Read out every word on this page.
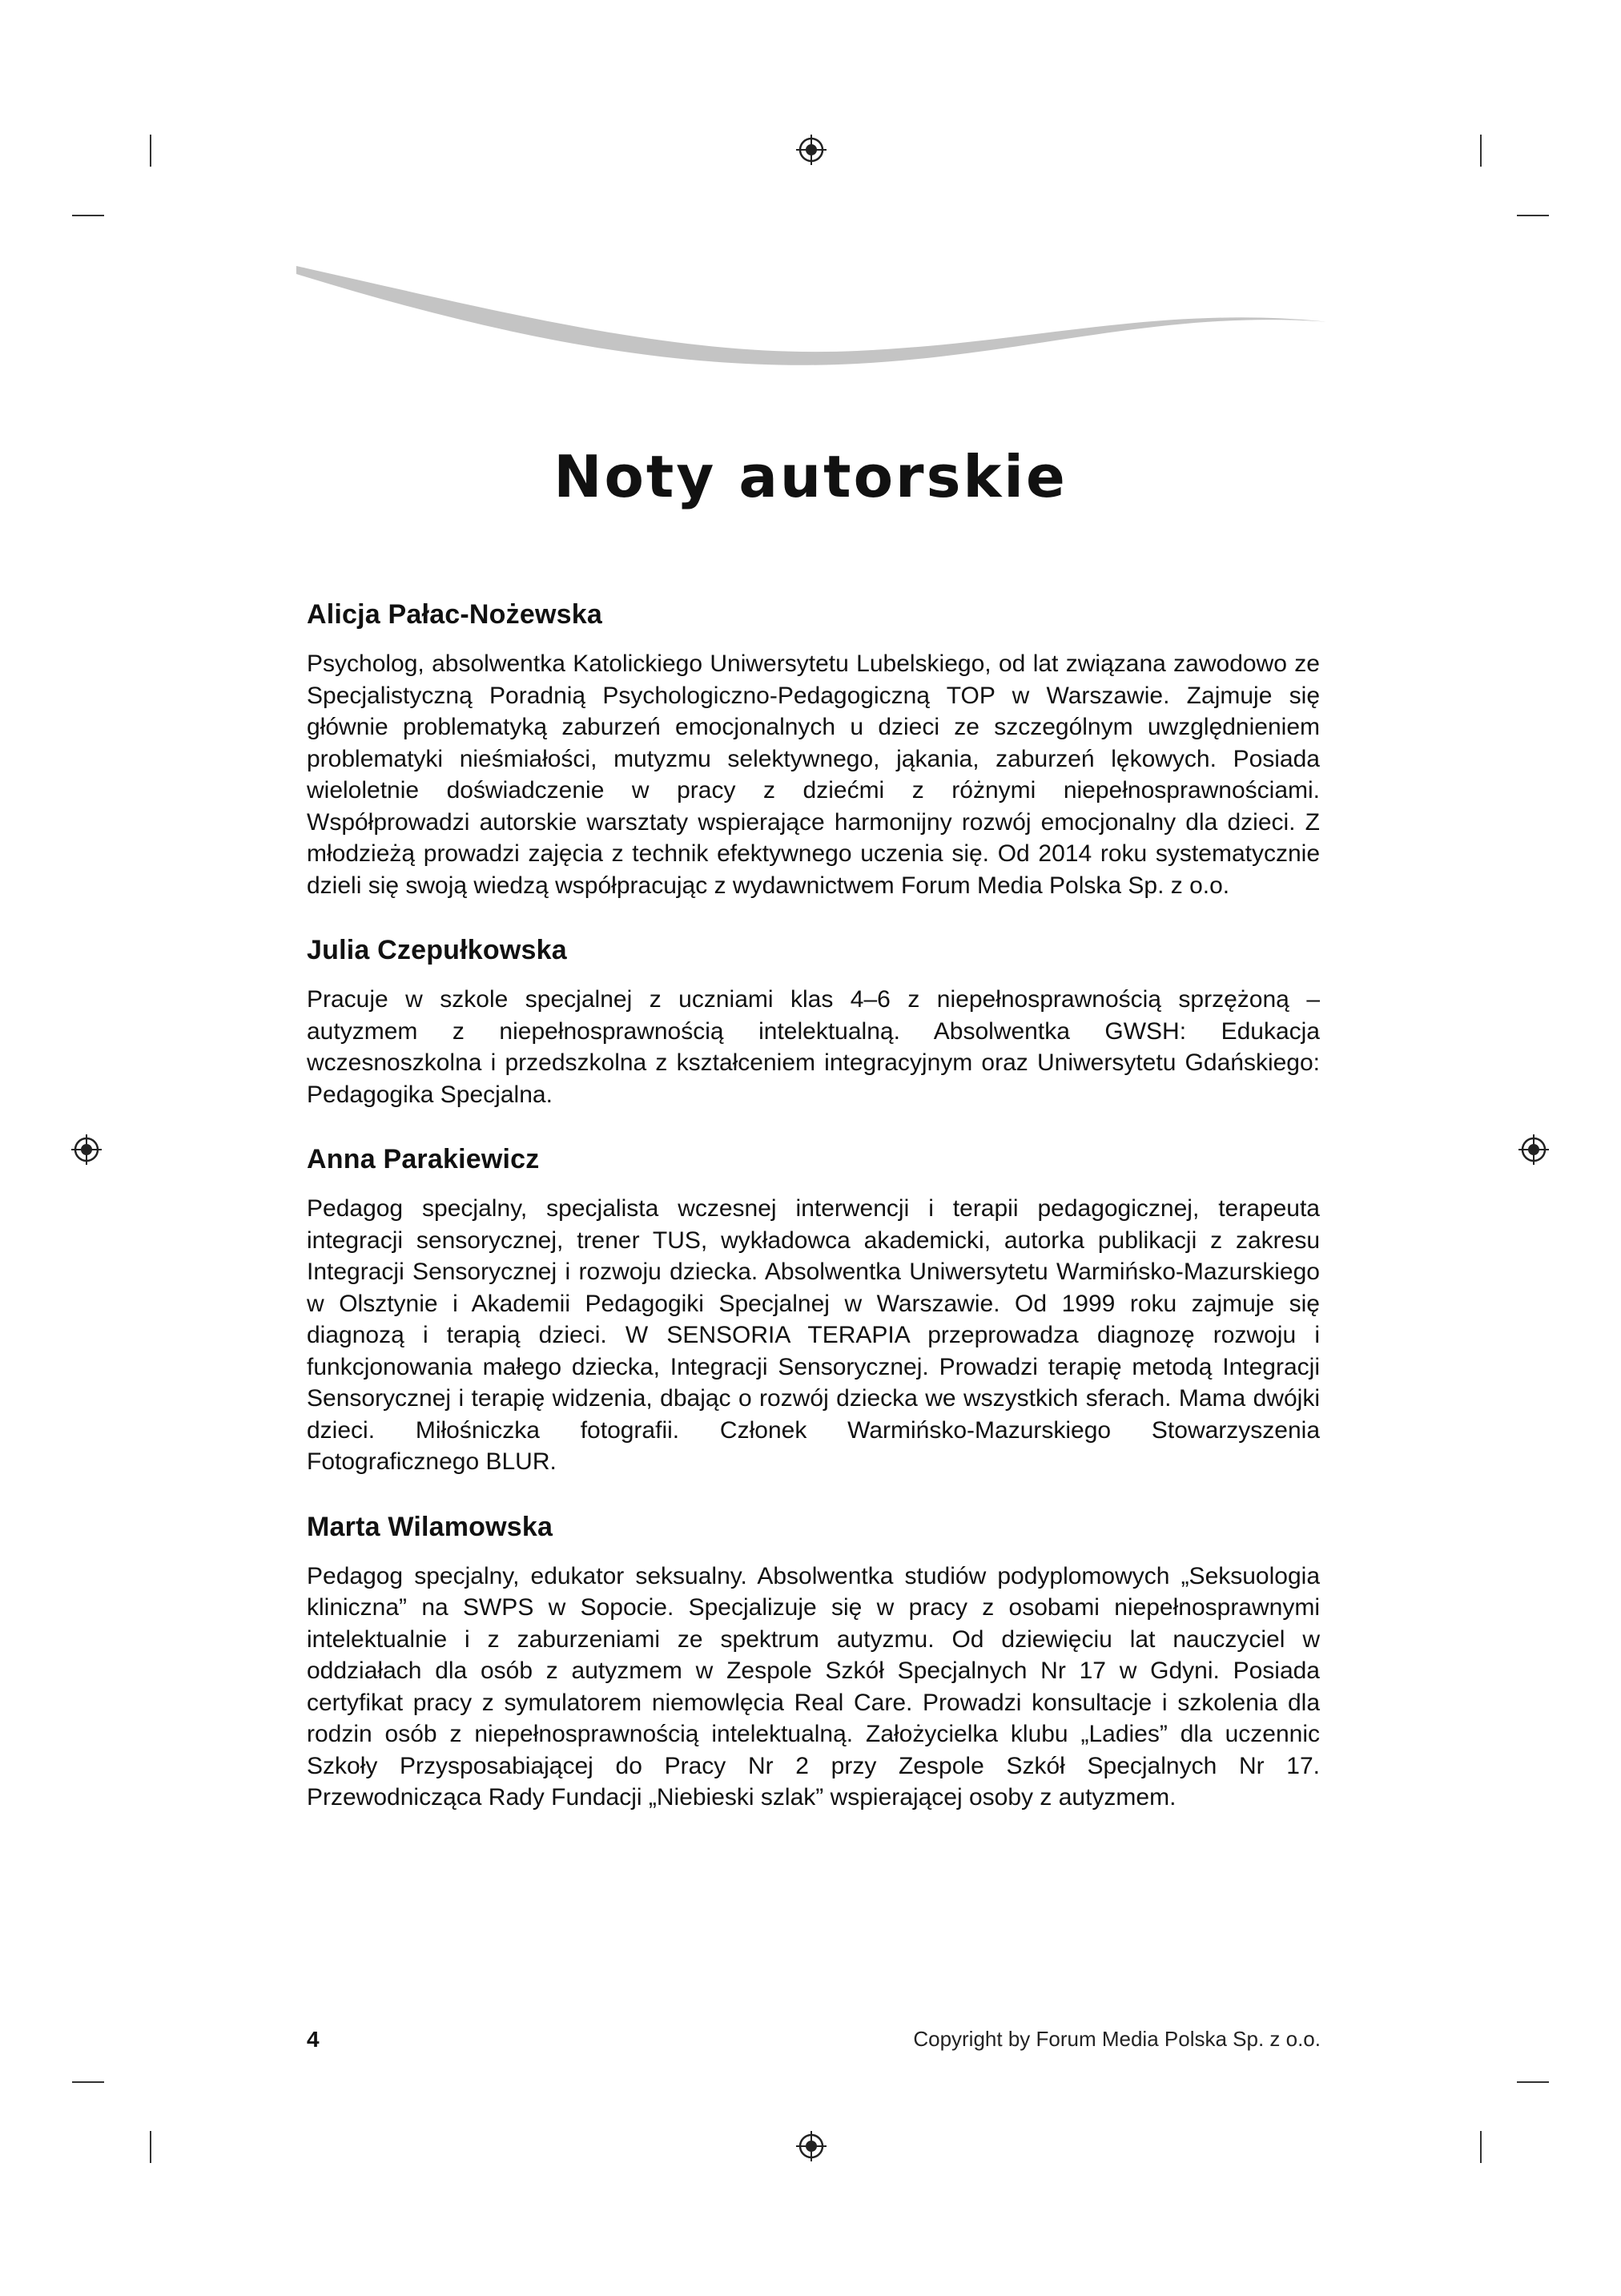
Noty autorskie
Alicja Pałac-Nożewska

Psycholog, absolwentka Katolickiego Uniwersytetu Lubelskiego, od lat związana zawodowo ze Specjalistyczną Poradnią Psychologiczno-Pedagogiczną TOP w Warszawie. Zajmuje się głównie problematyką zaburzeń emocjonalnych u dzieci ze szczególnym uwzględnieniem problematyki nieśmiałości, mutyzmu selektywnego, jąkania, zaburzeń lękowych. Posiada wieloletnie doświadczenie w pracy z dziećmi z różnymi niepełnosprawnościami. Współprowadzi autorskie warsztaty wspierające harmonijny rozwój emocjonalny dla dzieci. Z młodzieżą prowadzi zajęcia z technik efektywnego uczenia się. Od 2014 roku systematycznie dzieli się swoją wiedzą współpracując z wydawnictwem Forum Media Polska Sp. z o.o.

Julia Czepułkowska

Pracuje w szkole specjalnej z uczniami klas 4–6 z niepełnosprawnością sprzężoną – autyzmem z niepełnosprawnością intelektualną. Absolwentka GWSH: Edukacja wczesnoszkolna i przedszkolna z kształceniem integracyjnym oraz Uniwersytetu Gdańskiego: Pedagogika Specjalna.

Anna Parakiewicz

Pedagog specjalny, specjalista wczesnej interwencji i terapii pedagogicznej, terapeuta integracji sensorycznej, trener TUS, wykładowca akademicki, autorka publikacji z zakresu Integracji Sensorycznej i rozwoju dziecka. Absolwentka Uniwersytetu Warmińsko-Mazurskiego w Olsztynie i Akademii Pedagogiki Specjalnej w Warszawie. Od 1999 roku zajmuje się diagnozą i terapią dzieci. W SENSORIA TERAPIA przeprowadza diagnozę rozwoju i funkcjonowania małego dziecka, Integracji Sensorycznej. Prowadzi terapię metodą Integracji Sensorycznej i terapię widzenia, dbając o rozwój dziecka we wszystkich sferach. Mama dwójki dzieci. Miłośniczka fotografii. Członek Warmińsko-Mazurskiego Stowarzyszenia Fotograficznego BLUR.

Marta Wilamowska

Pedagog specjalny, edukator seksualny. Absolwentka studiów podyplomowych „Seksuologia kliniczna” na SWPS w Sopocie. Specjalizuje się w pracy z osobami niepełnosprawnymi intelektualnie i z zaburzeniami ze spektrum autyzmu. Od dziewięciu lat nauczyciel w oddziałach dla osób z autyzmem w Zespole Szkół Specjalnych Nr 17 w Gdyni. Posiada certyfikat pracy z symulatorem niemowlęcia Real Care. Prowadzi konsultacje i szkolenia dla rodzin osób z niepełnosprawnością intelektualną. Założycielka klubu „Ladies” dla uczennic Szkoły Przysposabiającej do Pracy Nr 2 przy Zespole Szkół Specjalnych Nr 17. Przewodnicząca Rady Fundacji „Niebieski szlak” wspierającej osoby z autyzmem.

4	Copyright by Forum Media Polska Sp. z o.o.
